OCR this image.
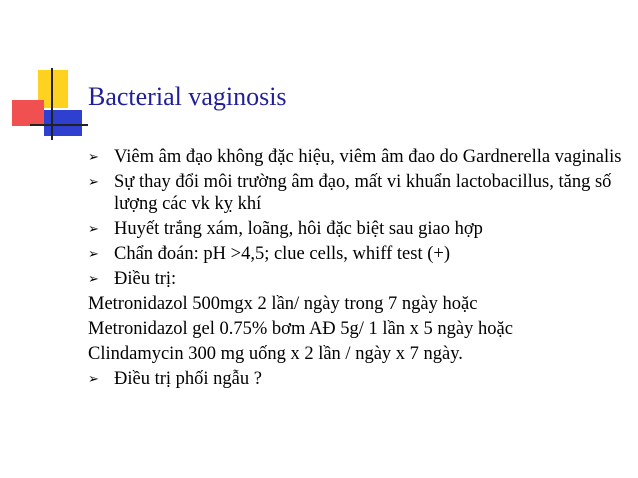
Bacterial vaginosis
➢ Viêm âm đạo không đặc hiệu, viêm âm đao do Gardnerella vaginalis
➢ Sự thay đổi môi trường âm đạo, mất vi khuẩn lactobacillus, tăng số lượng các vk kỵ khí
➢ Huyết trắng xám, loãng, hôi đặc biệt sau giao hợp
➢ Chẩn đoán: pH >4,5; clue cells, whiff test (+)
➢ Điều trị:
Metronidazol 500mgx 2 lần/ ngày trong 7 ngày hoặc
Metronidazol gel 0.75% bơm AĐ 5g/ 1 lần x 5 ngày hoặc
Clindamycin 300 mg uống x 2 lần / ngày x 7 ngày.
➢ Điều trị phối ngẫu ?
